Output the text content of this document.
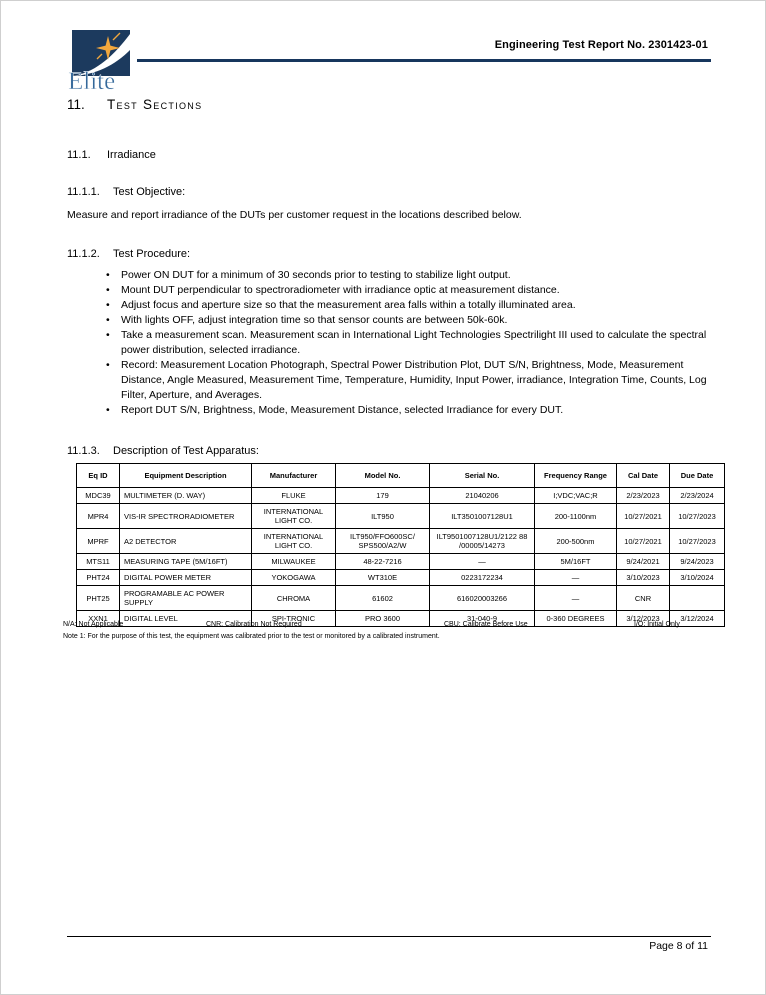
Elite
Engineering Test Report No. 2301423-01
11. Test Sections
11.1. Irradiance
11.1.1. Test Objective:
Measure and report irradiance of the DUTs per customer request in the locations described below.
11.1.2. Test Procedure:
•	Power ON DUT for a minimum of 30 seconds prior to testing to stabilize light output.
•	Mount DUT perpendicular to spectroradiometer with irradiance optic at measurement distance.
•	Adjust focus and aperture size so that the measurement area falls within a totally illuminated area.
•	With lights OFF, adjust integration time so that sensor counts are between 50k-60k.
•	Take a measurement scan. Measurement scan in International Light Technologies Spectrilight III used to calculate the spectral power distribution, selected irradiance.
•	Record: Measurement Location Photograph, Spectral Power Distribution Plot, DUT S/N, Brightness, Mode, Measurement Distance, Angle Measured, Measurement Time, Temperature, Humidity, Input Power, irradiance, Integration Time, Counts, Log Filter, Aperture, and Averages.
•	Report DUT S/N, Brightness, Mode, Measurement Distance, selected Irradiance for every DUT.
11.1.3. Description of Test Apparatus:
Eq ID	Equipment Description	Manufacturer	Model No.	Serial No.	Frequency Range	Cal Date	Due Date
MDC39	MULTIMETER (D. WAY)	FLUKE	179	21040206	I;VDC;VAC;R	2/23/2023	2/23/2024
MPR4	VIS-IR SPECTRORADIOMETER	INTERNATIONAL LIGHT CO.	ILT950	ILT3501007128U1	200-1100nm	10/27/2021	10/27/2023
MPRF	A2 DETECTOR	INTERNATIONAL LIGHT CO.	ILT950/FFO600SC/ SPS500/A2/W	ILT9501007128U1/2122 88 /00005/14273	200-500nm	10/27/2021	10/27/2023
MTS11	MEASURING TAPE (5M/16FT)	MILWAUKEE	48-22-7216	—	5M/16FT	9/24/2021	9/24/2023
PHT24	DIGITAL POWER METER	YOKOGAWA	WT310E	0223172234	—	3/10/2023	3/10/2024
PHT25	PROGRAMABLE AC POWER SUPPLY	CHROMA	61602	616020003266	—	CNR	
XXN1	DIGITAL LEVEL	SPI-TRONIC	PRO 3600	31-040-9	0-360 DEGREES	3/12/2023	3/12/2024
CNR: Calibration Not Required	CBU: Calibrate Before Use	I/O: Initial Only
N/A: Not Applicable
Note 1: For the purpose of this test, the equipment was calibrated prior to the test or monitored by a calibrated instrument.
Page 8 of 11
